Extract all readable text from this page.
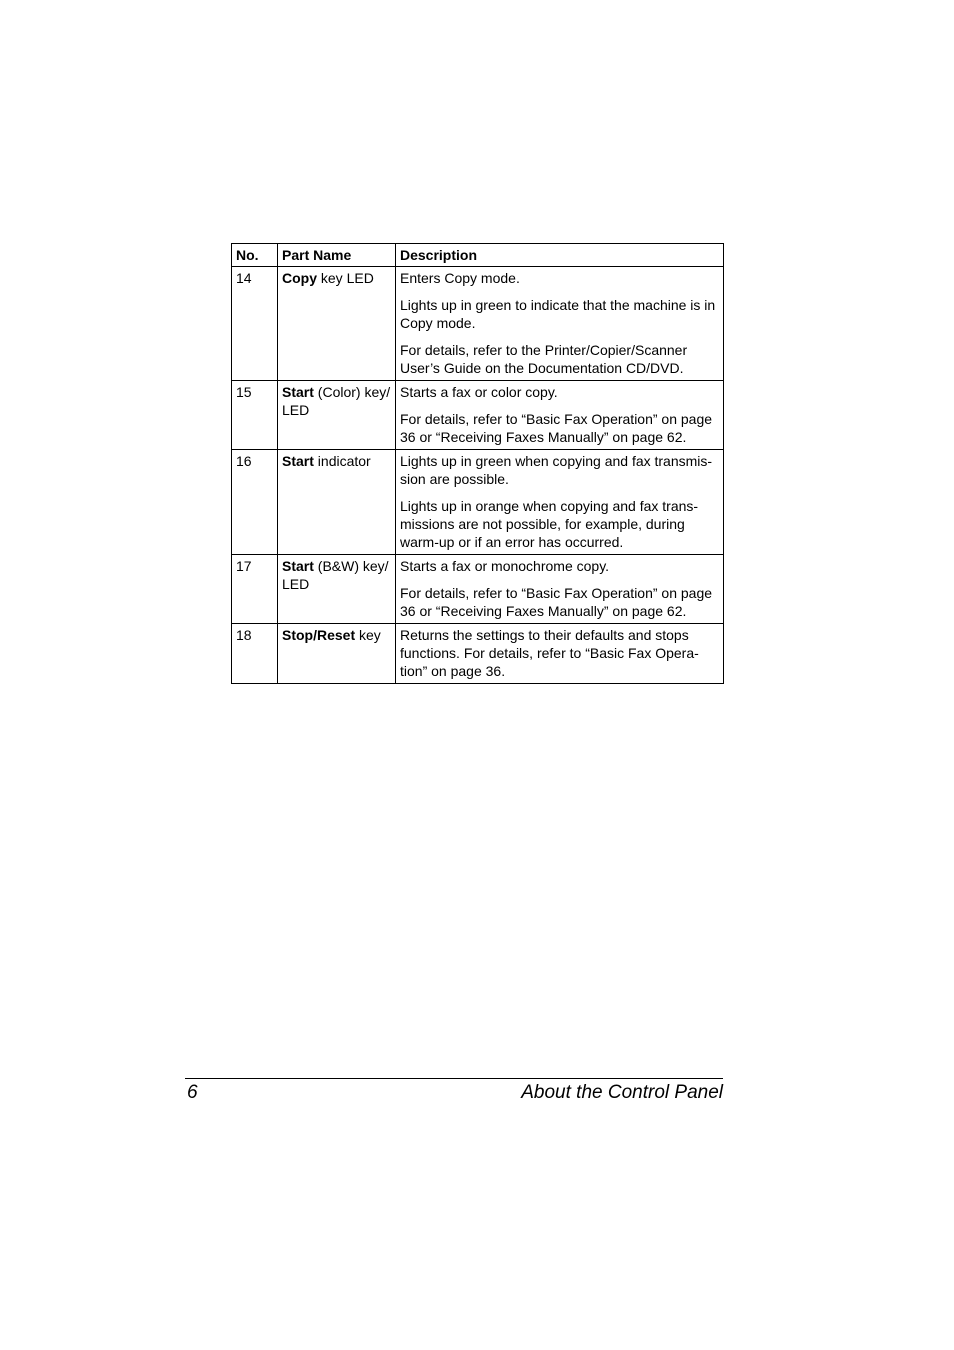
No.	Part Name	Description
14	Copy key LED	Enters Copy mode.

Lights up in green to indicate that the machine is in Copy mode.

For details, refer to the Printer/Copier/Scanner User’s Guide on the Documentation CD/DVD.

15	Start (Color) key/ LED	Starts a fax or color copy.

For details, refer to “Basic Fax Operation” on page 36 or “Receiving Faxes Manually” on page 62.

16	Start indicator	Lights up in green when copying and fax transmis-sion are possible.

Lights up in orange when copying and fax trans-missions are not possible, for example, during warm-up or if an error has occurred.

17	Start (B&W) key/ LED	Starts a fax or monochrome copy.

For details, refer to “Basic Fax Operation” on page 36 or “Receiving Faxes Manually” on page 62.

18	Stop/Reset key	Returns the settings to their defaults and stops functions. For details, refer to “Basic Fax Opera-tion” on page 36.

6	About the Control Panel
